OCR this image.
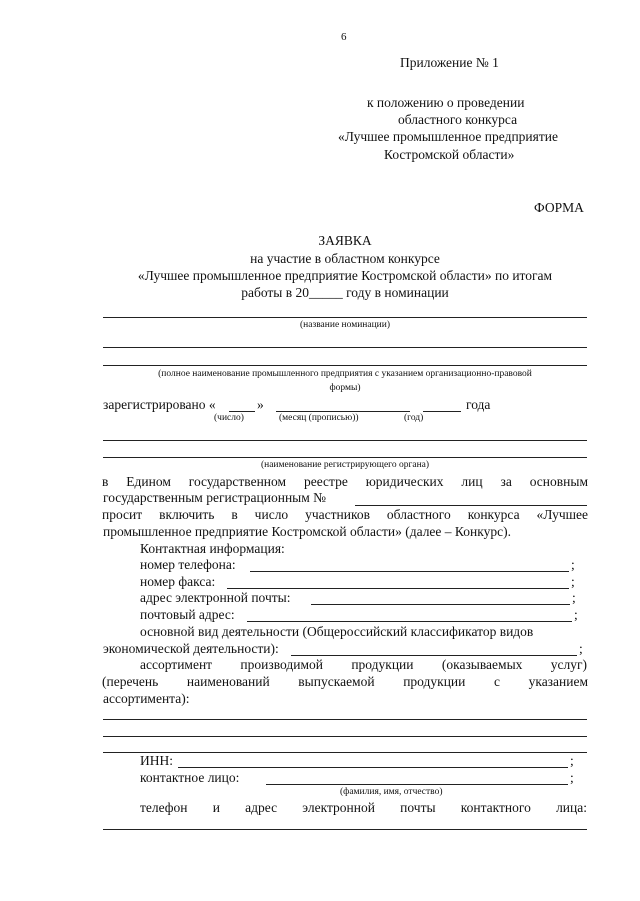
6
Приложение № 1
к положению о проведении
областного конкурса
«Лучшее промышленное предприятие
Костромской области»
ФОРМА
ЗАЯВКА
на участие в областном конкурсе
«Лучшее промышленное предприятие Костромской области» по итогам
работы в 20_____ году в номинации
(название номинации)
(полное наименование промышленного предприятия с указанием организационно-правовой
формы)
зарегистрировано «	»	года
(число)	(месяц (прописью))	(год)
(наименование регистрирующего органа)
в Едином государственном реестре юридических лиц за основным
государственным регистрационным №
просит включить в число участников областного конкурса «Лучшее
промышленное предприятие Костромской области» (далее – Конкурс).
Контактная информация:
номер телефона:	;
номер факса:	;
адрес электронной почты:	;
почтовый адрес:	;
основной вид деятельности (Общероссийский классификатор видов
экономической деятельности):	;
ассортимент производимой продукции (оказываемых услуг)
(перечень наименований выпускаемой продукции с указанием
ассортимента):
ИНН:	;
контактное лицо:	;
(фамилия, имя, отчество)
телефон и адрес электронной почты контактного лица:
